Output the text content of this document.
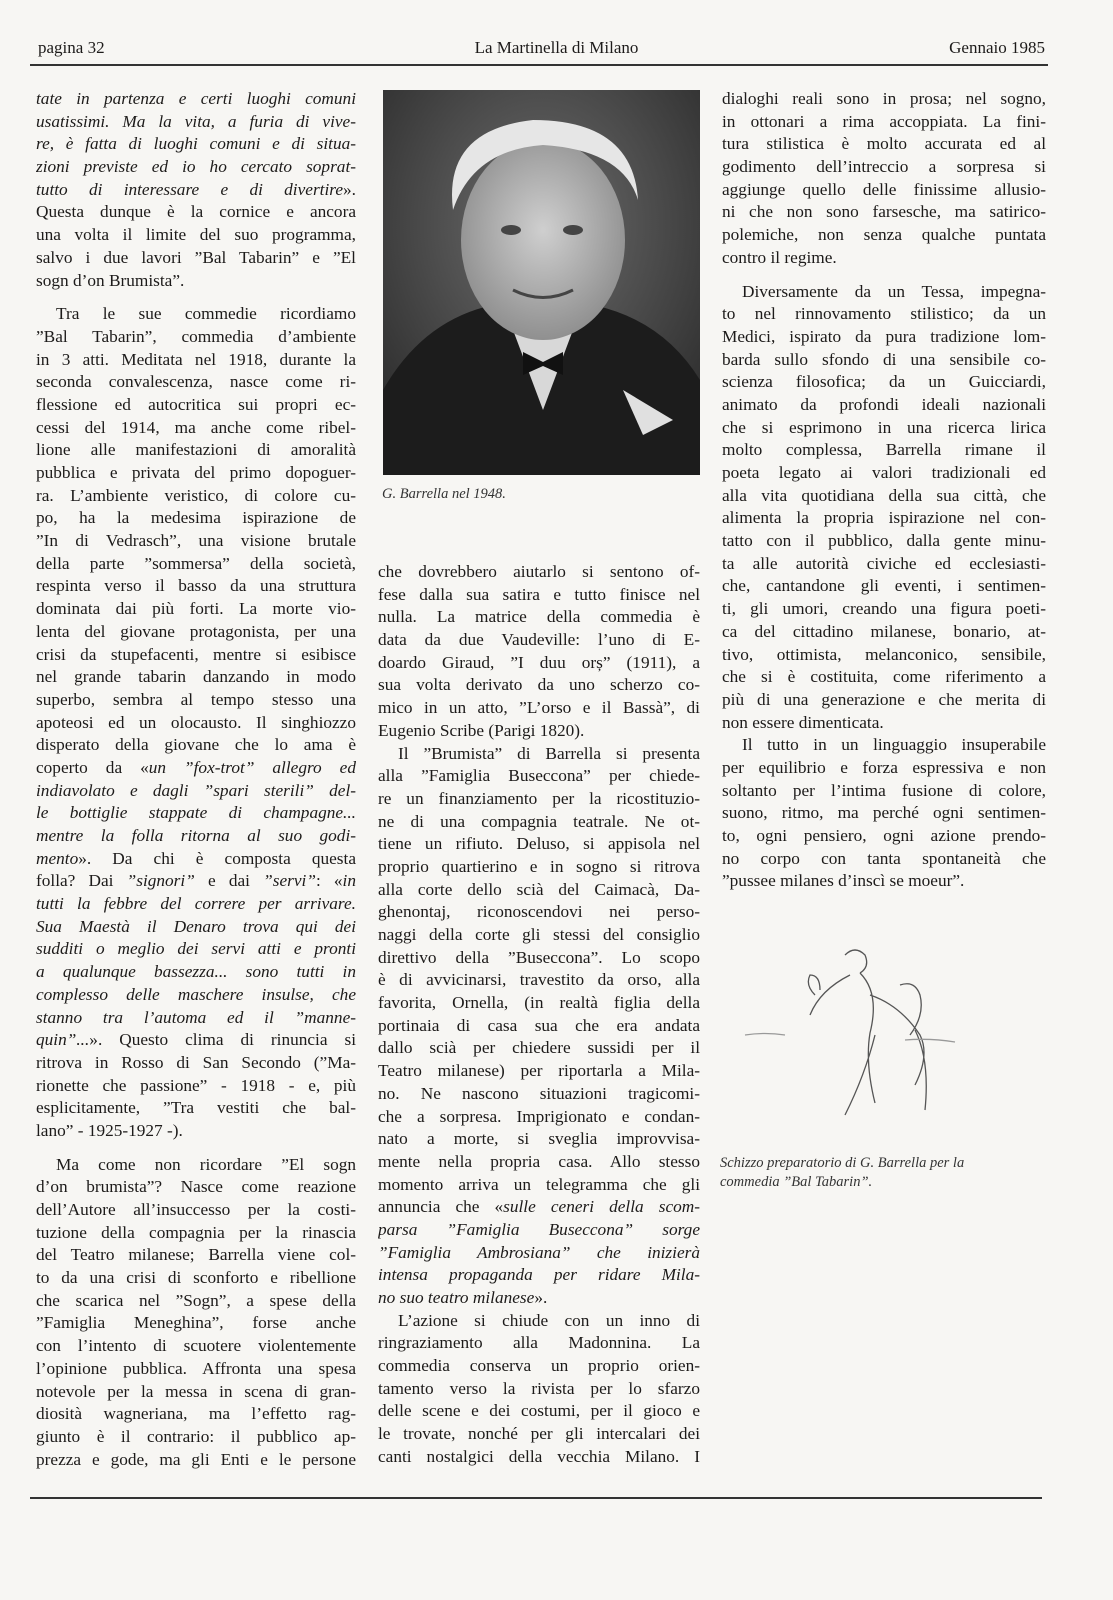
pagina 32	La Martinella di Milano	Gennaio 1985
tate in partenza e certi luoghi comuni
usatissimi. Ma la vita, a furia di vive-
re, è fatta di luoghi comuni e di situa-
zioni previste ed io ho cercato soprat-
tutto di interessare e di divertire».
Questa dunque è la cornice e ancora
una volta il limite del suo programma,
salvo i due lavori ”Bal Tabarin” e ”El
sogn d’on Brumista”.
Tra le sue commedie ricordiamo
”Bal Tabarin”, commedia d’ambiente
in 3 atti. Meditata nel 1918, durante la
seconda convalescenza, nasce come ri-
flessione ed autocritica sui propri ec-
cessi del 1914, ma anche come ribel-
lione alle manifestazioni di amoralità
pubblica e privata del primo dopoguer-
ra. L’ambiente veristico, di colore cu-
po, ha la medesima ispirazione de
”In di Vedrasch”, una visione brutale
della parte ”sommersa” della società,
respinta verso il basso da una struttura
dominata dai più forti. La morte vio-
lenta del giovane protagonista, per una
crisi da stupefacenti, mentre si esibisce
nel grande tabarin danzando in modo
superbo, sembra al tempo stesso una
apoteosi ed un olocausto. Il singhiozzo
disperato della giovane che lo ama è
coperto da «un ”fox-trot” allegro ed
indiavolato e dagli ”spari sterili” del-
le bottiglie stappate di champagne...
mentre la folla ritorna al suo godi-
mento». Da chi è composta questa
folla? Dai ”signori” e dai ”servi”: «in
tutti la febbre del correre per arrivare.
Sua Maestà il Denaro trova qui dei
sudditi o meglio dei servi atti e pronti
a qualunque bassezza... sono tutti in
complesso delle maschere insulse, che
stanno tra l’automa ed il ”manne-
quin”...». Questo clima di rinuncia si
ritrova in Rosso di San Secondo (”Ma-
rionette che passione” - 1918 - e, più
esplicitamente, ”Tra vestiti che bal-
lano” - 1925-1927 -).
Ma come non ricordare ”El sogn
d’on brumista”? Nasce come reazione
dell’Autore all’insuccesso per la costi-
tuzione della compagnia per la rinascia
del Teatro milanese; Barrella viene col-
to da una crisi di sconforto e ribellione
che scarica nel ”Sogn”, a spese della
”Famiglia Meneghina”, forse anche
con l’intento di scuotere violentemente
l’opinione pubblica. Affronta una spesa
notevole per la messa in scena di gran-
diosità wagneriana, ma l’effetto rag-
giunto è il contrario: il pubblico ap-
prezza e gode, ma gli Enti e le persone
che dovrebbero aiutarlo si sentono of-
fese dalla sua satira e tutto finisce nel
nulla. La matrice della commedia è
data da due Vaudeville: l’uno di E-
doardo Giraud, ”I duu orș” (1911), a
sua volta derivato da uno scherzo co-
mico in un atto, ”L’orso e il Bassà”, di
Eugenio Scribe (Parigi 1820).
Il ”Brumista” di Barrella si presenta
alla ”Famiglia Buseccona” per chiede-
re un finanziamento per la ricostituzio-
ne di una compagnia teatrale. Ne ot-
tiene un rifiuto. Deluso, si appisola nel
proprio quartierino e in sogno si ritrova
alla corte dello scià del Caimacà, Da-
ghenontaj, riconoscendovi nei perso-
naggi della corte gli stessi del consiglio
direttivo della ”Buseccona”. Lo scopo
è di avvicinarsi, travestito da orso, alla
favorita, Ornella, (in realtà figlia della
portinaia di casa sua che era andata
dallo scià per chiedere sussidi per il
Teatro milanese) per riportarla a Mila-
no. Ne nascono situazioni tragicomi-
che a sorpresa. Imprigionato e condan-
nato a morte, si sveglia improvvisa-
mente nella propria casa. Allo stesso
momento arriva un telegramma che gli
annuncia che «sulle ceneri della scom-
parsa ”Famiglia Buseccona” sorge
”Famiglia Ambrosiana” che inizierà
intensa propaganda per ridare Mila-
no suo teatro milanese».
L’azione si chiude con un inno di
ringraziamento alla Madonnina. La
commedia conserva un proprio orien-
tamento verso la rivista per lo sfarzo
delle scene e dei costumi, per il gioco e
le trovate, nonché per gli intercalari dei
canti nostalgici della vecchia Milano. I
dialoghi reali sono in prosa; nel sogno,
in ottonari a rima accoppiata. La fini-
tura stilistica è molto accurata ed al
godimento dell’intreccio a sorpresa si
aggiunge quello delle finissime allusio-
ni che non sono farsesche, ma satirico-
polemiche, non senza qualche puntata
contro il regime.
Diversamente da un Tessa, impegna-
to nel rinnovamento stilistico; da un
Medici, ispirato da pura tradizione lom-
barda sullo sfondo di una sensibile co-
scienza filosofica; da un Guicciardi,
animato da profondi ideali nazionali
che si esprimono in una ricerca lirica
molto complessa, Barrella rimane il
poeta legato ai valori tradizionali ed
alla vita quotidiana della sua città, che
alimenta la propria ispirazione nel con-
tatto con il pubblico, dalla gente minu-
ta alle autorità civiche ed ecclesiasti-
che, cantandone gli eventi, i sentimen-
ti, gli umori, creando una figura poeti-
ca del cittadino milanese, bonario, at-
tivo, ottimista, melanconico, sensibile,
che si è costituita, come riferimento a
più di una generazione e che merita di
non essere dimenticata.
Il tutto in un linguaggio insuperabile
per equilibrio e forza espressiva e non
soltanto per l’intima fusione di colore,
suono, ritmo, ma perché ogni sentimen-
to, ogni pensiero, ogni azione prendo-
no corpo con tanta spontaneità che
”pussee milanes d’inscì se moeur”.
G. Barrella nel 1948.
Schizzo preparatorio di G. Barrella per la
commedia ”Bal Tabarin”.
